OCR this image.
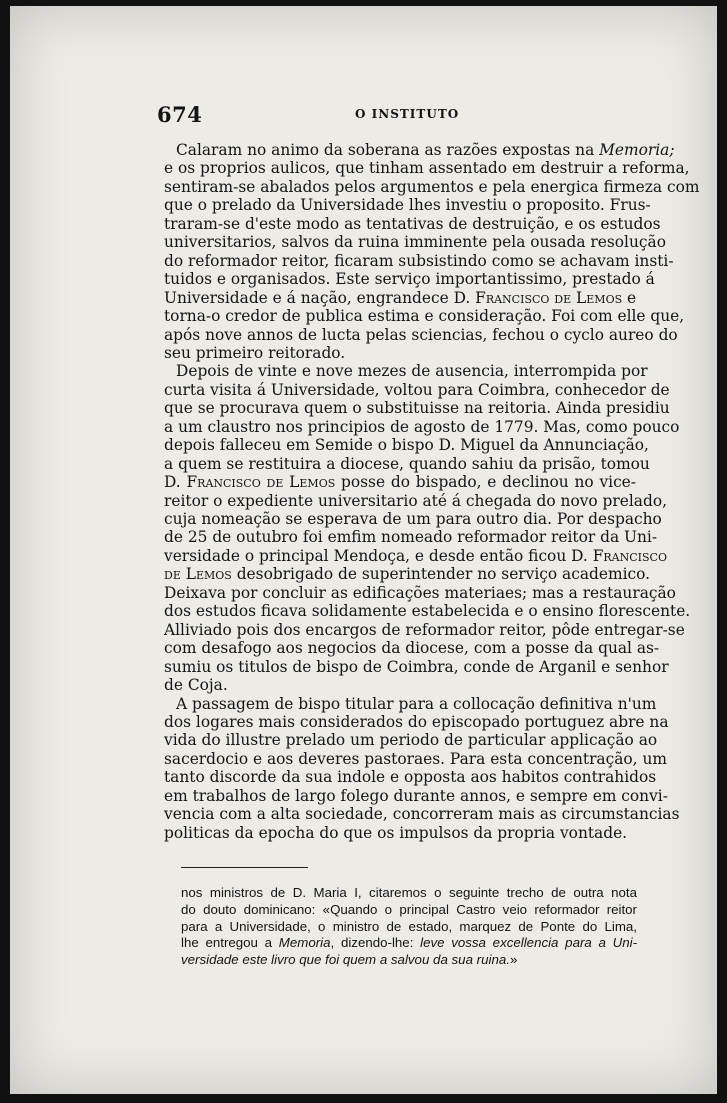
674	O INSTITUTO
Calaram no animo da soberana as razões expostas na Memoria;
e os proprios aulicos, que tinham assentado em destruir a reforma,
sentiram-se abalados pelos argumentos e pela energica firmeza com
que o prelado da Universidade lhes investiu o proposito. Frus-
traram-se d'este modo as tentativas de destruição, e os estudos
universitarios, salvos da ruina imminente pela ousada resolução
do reformador reitor, ficaram subsistindo como se achavam insti-
tuidos e organisados. Este serviço importantissimo, prestado á
Universidade e á nação, engrandece D. Francisco de Lemos e
torna-o credor de publica estima e consideração. Foi com elle que,
após nove annos de lucta pelas sciencias, fechou o cyclo aureo do
seu primeiro reitorado.
Depois de vinte e nove mezes de ausencia, interrompida por
curta visita á Universidade, voltou para Coimbra, conhecedor de
que se procurava quem o substituisse na reitoria. Ainda presidiu
a um claustro nos principios de agosto de 1779. Mas, como pouco
depois falleceu em Semide o bispo D. Miguel da Annunciação,
a quem se restituira a diocese, quando sahiu da prisão, tomou
D. Francisco de Lemos posse do bispado, e declinou no vice-
reitor o expediente universitario até á chegada do novo prelado,
cuja nomeação se esperava de um para outro dia. Por despacho
de 25 de outubro foi emfim nomeado reformador reitor da Uni-
versidade o principal Mendoça, e desde então ficou D. Francisco
de Lemos desobrigado de superintender no serviço academico.
Deixava por concluir as edificações materiaes; mas a restauração
dos estudos ficava solidamente estabelecida e o ensino florescente.
Alliviado pois dos encargos de reformador reitor, pôde entregar-se
com desafogo aos negocios da diocese, com a posse da qual as-
sumiu os titulos de bispo de Coimbra, conde de Arganil e senhor
de Coja.
A passagem de bispo titular para a collocação definitiva n'um
dos logares mais considerados do episcopado portuguez abre na
vida do illustre prelado um periodo de particular applicação ao
sacerdocio e aos deveres pastoraes. Para esta concentração, um
tanto discorde da sua indole e opposta aos habitos contrahidos
em trabalhos de largo folego durante annos, e sempre em convi-
vencia com a alta sociedade, concorreram mais as circumstancias
politicas da epocha do que os impulsos da propria vontade.
nos ministros de D. Maria I, citaremos o seguinte trecho de outra nota
do douto dominicano: «Quando o principal Castro veio reformador reitor
para a Universidade, o ministro de estado, marquez de Ponte do Lima,
lhe entregou a Memoria, dizendo-lhe: leve vossa excellencia para a Uni-
versidade este livro que foi quem a salvou da sua ruina.»
